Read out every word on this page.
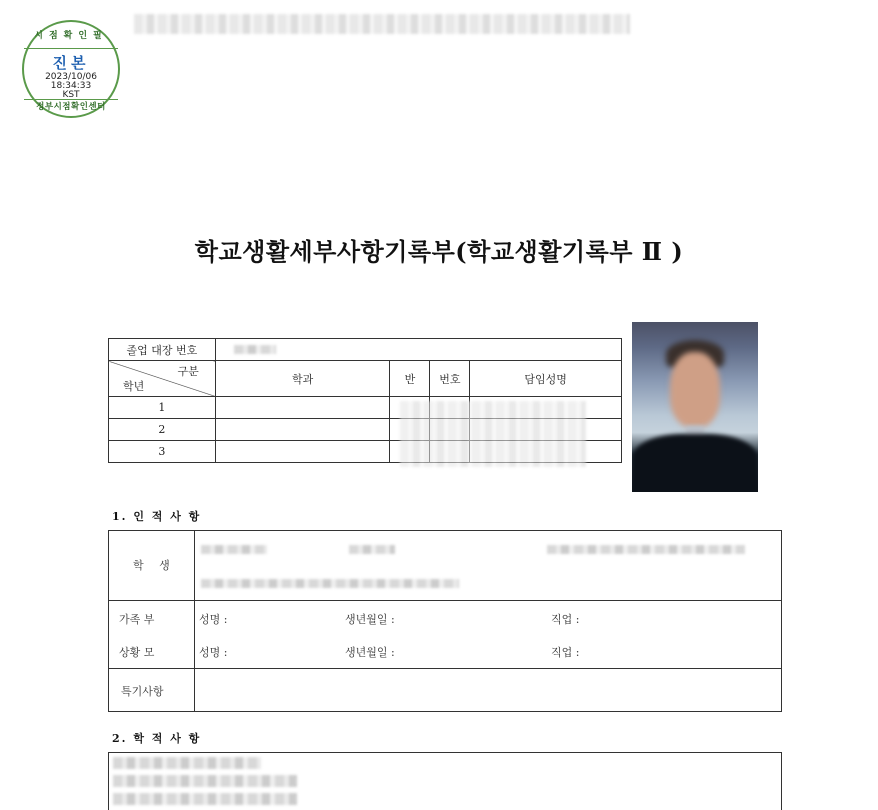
시점확인필
진본
2023/10/06
18:34:33
KST
정부시점확인센터
학교생활세부사항기록부(학교생활기록부 Ⅱ )
졸업 대장 번호				

구분
학년	학과	반	번호	담임성명
1				
2				
3				
1. 인 적 사 항
학 생
가족 부
상황 모
성명 :	생년월일 :	직업 :
성명 :	생년월일 :	직업 :
특기사항
2. 학 적 사 항
